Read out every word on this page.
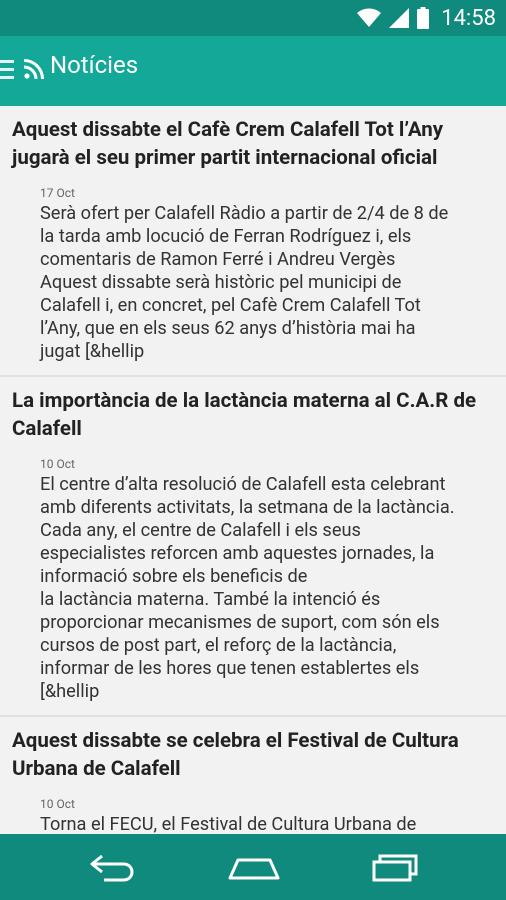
14:58
Notícies
Aquest dissabte el Cafè Crem Calafell Tot l’Any jugarà el seu primer partit internacional oficial
17 Oct
Serà ofert per Calafell Ràdio a partir de 2/4 de 8 de
la tarda amb locució de Ferran Rodríguez i, els
comentaris de Ramon Ferré i Andreu Vergès
Aquest dissabte serà històric pel municipi de
Calafell i, en concret, pel Cafè Crem Calafell Tot
l’Any, que en els seus 62 anys d’història mai ha
jugat [&hellip
La importància de la lactància materna al C.A.R de Calafell
10 Oct
El centre d’alta resolució de Calafell esta celebrant
amb diferents activitats, la setmana de la lactància.
Cada any, el centre de Calafell i els seus
especialistes reforcen amb aquestes jornades, la
informació sobre els beneficis de
la lactància materna. També la intenció és
proporcionar mecanismes de suport, com són els
cursos de post part, el reforç de la lactància,
informar de les hores que tenen establertes els
[&hellip
Aquest dissabte se celebra el Festival de Cultura Urbana de Calafell
10 Oct
Torna el FECU, el Festival de Cultura Urbana de
